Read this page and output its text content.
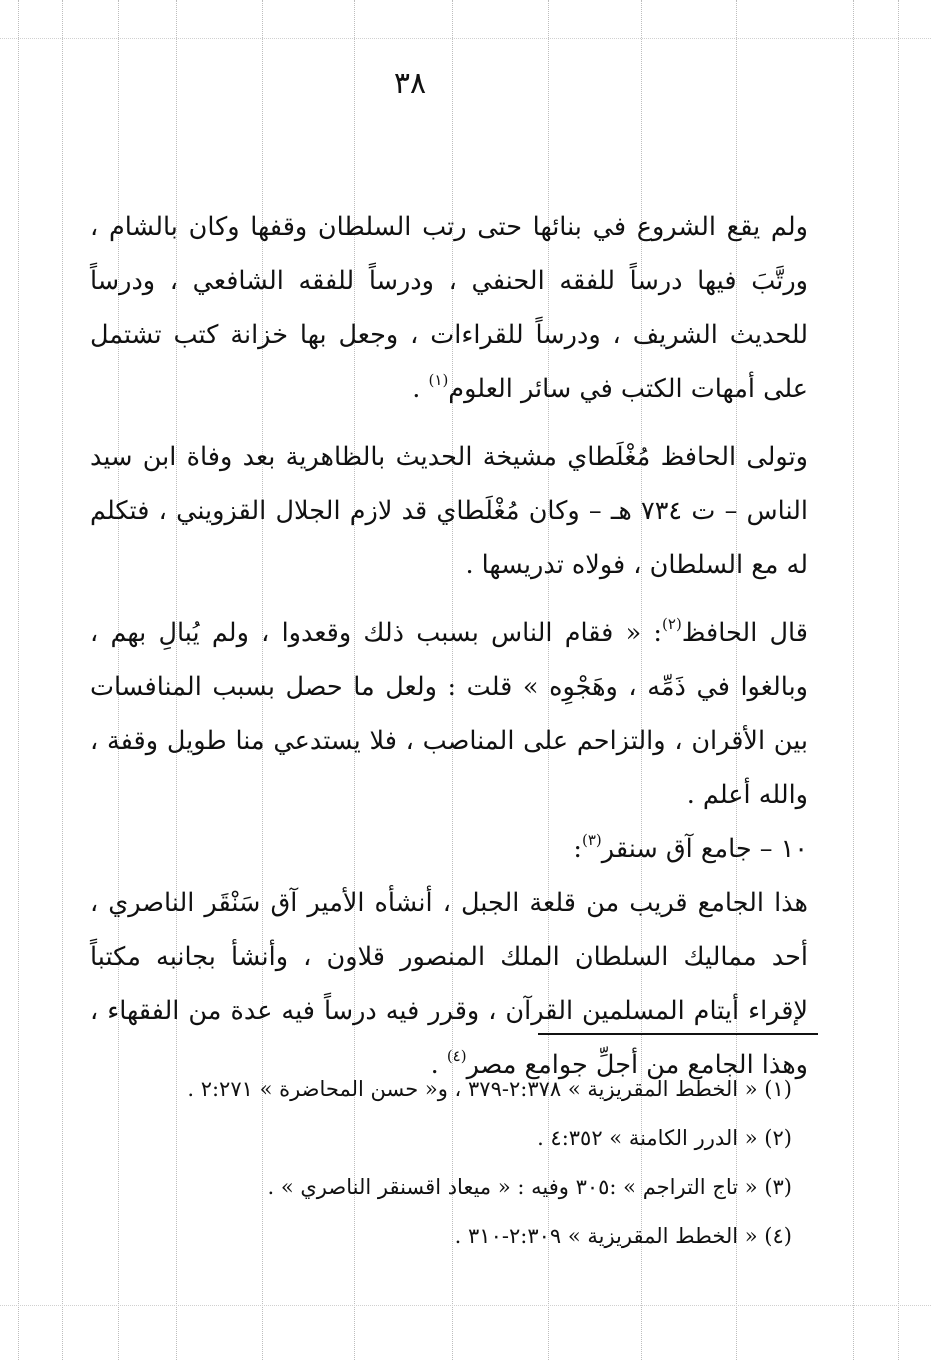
٣٨

ولم يقع الشروع في بنائها حتى رتب السلطان وقفها وكان بالشام ، ورتَّبَ فيها درساً للفقه الحنفي ، ودرساً للفقه الشافعي ، ودرساً للحديث الشريف ، ودرساً للقراءات ، وجعل بها خزانة كتب تشتمل على أمهات الكتب في سائر العلوم$^{(١)}$ .

وتولى الحافظ مُغْلَطاي مشيخة الحديث بالظاهرية بعد وفاة ابن سيد الناس – ت ٧٣٤ هـ – وكان مُغْلَطاي قد لازم الجلال القزويني ، فتكلم له مع السلطان ، فولاه تدريسها .

قال الحافظ$^{(٢)}$: « فقام الناس بسبب ذلك وقعدوا ، ولم يُبالِ بهم ، وبالغوا في ذَمِّه ، وهَجْوِه » قلت : ولعل ما حصل بسبب المنافسات بين الأقران ، والتزاحم على المناصب ، فلا يستدعي منا طويل وقفة ، والله أعلم .

١٠ – جامع آق سنقر$^{(٣)}$:

هذا الجامع قريب من قلعة الجبل ، أنشأه الأمير آق سَنْقَر الناصري ، أحد مماليك السلطان الملك المنصور قلاون ، وأنشأ بجانبه مكتباً لإقراء أيتام المسلمين القرآن ، وقرر فيه درساً فيه عدة من الفقهاء ، وهذا الجامع من أجلِّ جوامع مصر$^{(٤)}$ .

(١) « الخطط المقريزية » ٢:٣٧٨-٣٧٩ ، و« حسن المحاضرة » ٢:٢٧١ .

(٢) « الدرر الكامنة » ٤:٣٥٢ .

(٣) « تاج التراجم » :٣٠٥ وفيه : « ميعاد اقسنقر الناصري » .

(٤) « الخطط المقريزية » ٢:٣٠٩-٣١٠ .
